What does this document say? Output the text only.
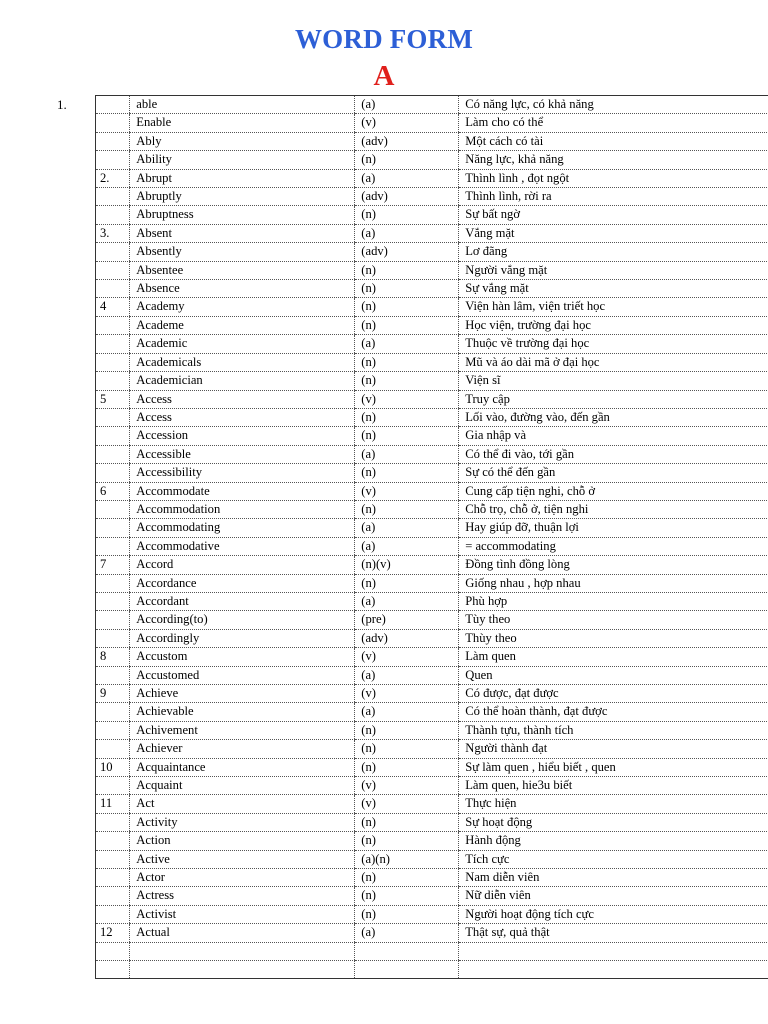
WORD FORM
A
1.
		able	(a)	Có năng lực, có khả năng
	Enable	(v)	Làm cho có thể
	Ably	(adv)	Một cách có tài
	Ability	(n)	Năng lực, khả năng
2.	Abrupt	(a)	Thình lình , đọt ngột
	Abruptly	(adv)	Thình lình, rời ra
	Abruptness	(n)	Sự bất ngờ
3.	Absent	(a)	Vắng mặt
	Absently	(adv)	Lơ đãng
	Absentee	(n)	Người vắng mặt
	Absence	(n)	Sự vắng mặt
4	Academy	(n)	Viện hàn lâm, viện triết học
	Academe	(n)	Học viện, trường đại học
	Academic	(a)	Thuộc về trường đại học
	Academicals	(n)	Mũ và áo dài mã ở đại học
	Academician	(n)	Viện sĩ
5	Access	(v)	Truy cập
	Access	(n)	Lối vào, đường vào, đến gần
	Accession	(n)	Gia nhập và
	Accessible	(a)	Có thể đi vào, tới gần
	Accessibility	(n)	Sự có thể đến gần
6	Accommodate	(v)	Cung cấp tiện nghi, chỗ ở
	Accommodation	(n)	Chỗ trọ, chỗ ở, tiện nghi
	Accommodating	(a)	Hay giúp đỡ, thuận lợi
	Accommodative	(a)	= accommodating
7	Accord	(n)(v)	Đồng tình đồng lòng
	Accordance	(n)	Giống nhau , hợp nhau
	Accordant	(a)	Phù hợp
	According(to)	(pre)	Tùy theo
	Accordingly	(adv)	Thùy theo
8	Accustom	(v)	Làm quen
	Accustomed	(a)	Quen
9	Achieve	(v)	Có được, đạt được
	Achievable	(a)	Có thể hoàn thành, đạt được
	Achivement	(n)	Thành tựu, thành tích
	Achiever	(n)	Người thành đạt
10	Acquaintance	(n)	Sự làm quen , hiểu biết , quen
	Acquaint	(v)	Làm quen, hie3u biết
11	Act	(v)	Thực hiện
	Activity	(n)	Sự hoạt động
	Action	(n)	Hành động
	Active	(a)(n)	Tích cực
	Actor	(n)	Nam diễn viên
	Actress	(n)	Nữ diễn viên
	Activist	(n)	Người hoạt động tích cực
12	Actual	(a)	Thật sự, quả thật
